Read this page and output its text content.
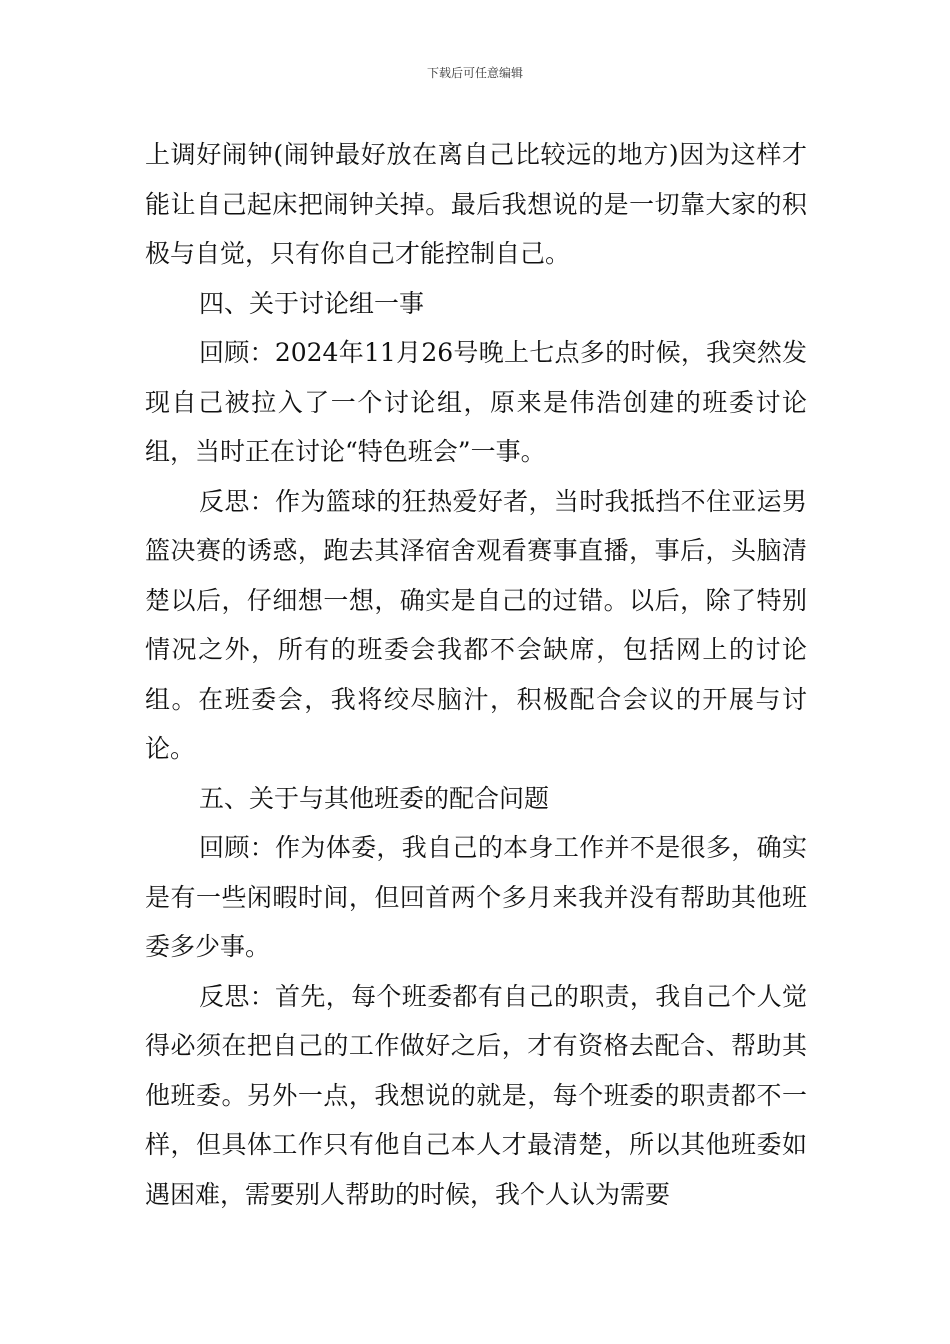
下载后可任意编辑

上调好闹钟(闹钟最好放在离自己比较远的地方)因为这样才能让自己起床把闹钟关掉。最后我想说的是一切靠大家的积极与自觉，只有你自己才能控制自己。

四、关于讨论组一事

回顾：2024年11月26号晚上七点多的时候，我突然发现自己被拉入了一个讨论组，原来是伟浩创建的班委讨论组，当时正在讨论“特色班会”一事。

反思：作为篮球的狂热爱好者，当时我抵挡不住亚运男篮决赛的诱惑，跑去其泽宿舍观看赛事直播，事后，头脑清楚以后，仔细想一想，确实是自己的过错。以后，除了特别情况之外，所有的班委会我都不会缺席，包括网上的讨论组。在班委会，我将绞尽脑汁，积极配合会议的开展与讨论。

五、关于与其他班委的配合问题

回顾：作为体委，我自己的本身工作并不是很多，确实是有一些闲暇时间，但回首两个多月来我并没有帮助其他班委多少事。

反思：首先，每个班委都有自己的职责，我自己个人觉得必须在把自己的工作做好之后，才有资格去配合、帮助其他班委。另外一点，我想说的就是，每个班委的职责都不一样，但具体工作只有他自己本人才最清楚，所以其他班委如遇困难，需要别人帮助的时候，我个人认为需要
